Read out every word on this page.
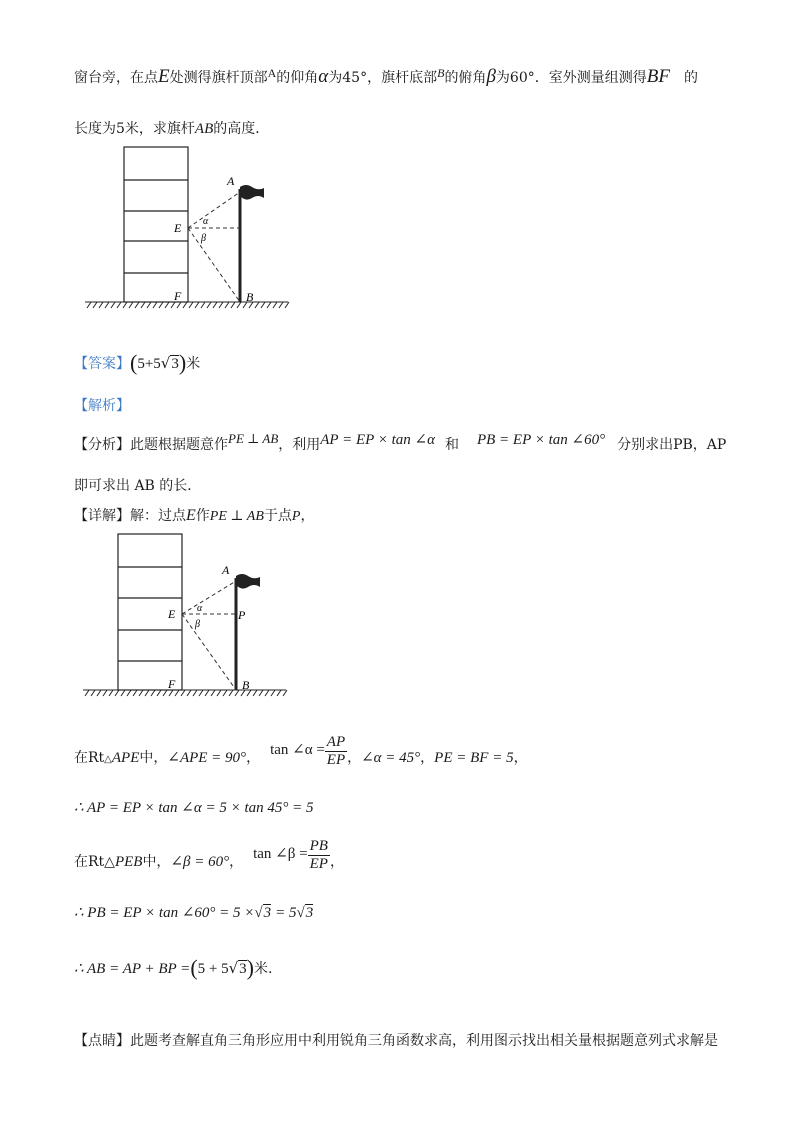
窗台旁，在点E处测得旗杆顶部A的仰角α为45°，旗杆底部B的俯角β为60°．室外测量组测得BF 的
长度为5米，求旗杆AB的高度．
A
E α
β
F	B
【答案】(5+5√3)米
【解析】
【分析】此题根据题意作PE ⊥ AB，利用AP = EP × tan ∠α 和 PB = EP × tan ∠60° 分别求出PB，AP
即可求出 AB 的长．
【详解】解：过点E作PE ⊥ AB于点P，
A
E α
β
P
F	B
在Rt△APE中，∠APE = 90°， tan ∠α = $\frac{AP}{EP}$ ，∠α = 45°，PE = BF = 5，
∴ AP = EP × tan ∠α = 5 × tan 45° = 5
在Rt△PEB中，∠β = 60°， tan ∠β = $\frac{PB}{EP}$ ，
∴ PB = EP × tan ∠60° = 5 ×√3 = 5√3
∴ AB = AP + BP =(5 + 5√3)米.
【点睛】此题考查解直角三角形应用中利用锐角三角函数求高，利用图示找出相关量根据题意列式求解是
